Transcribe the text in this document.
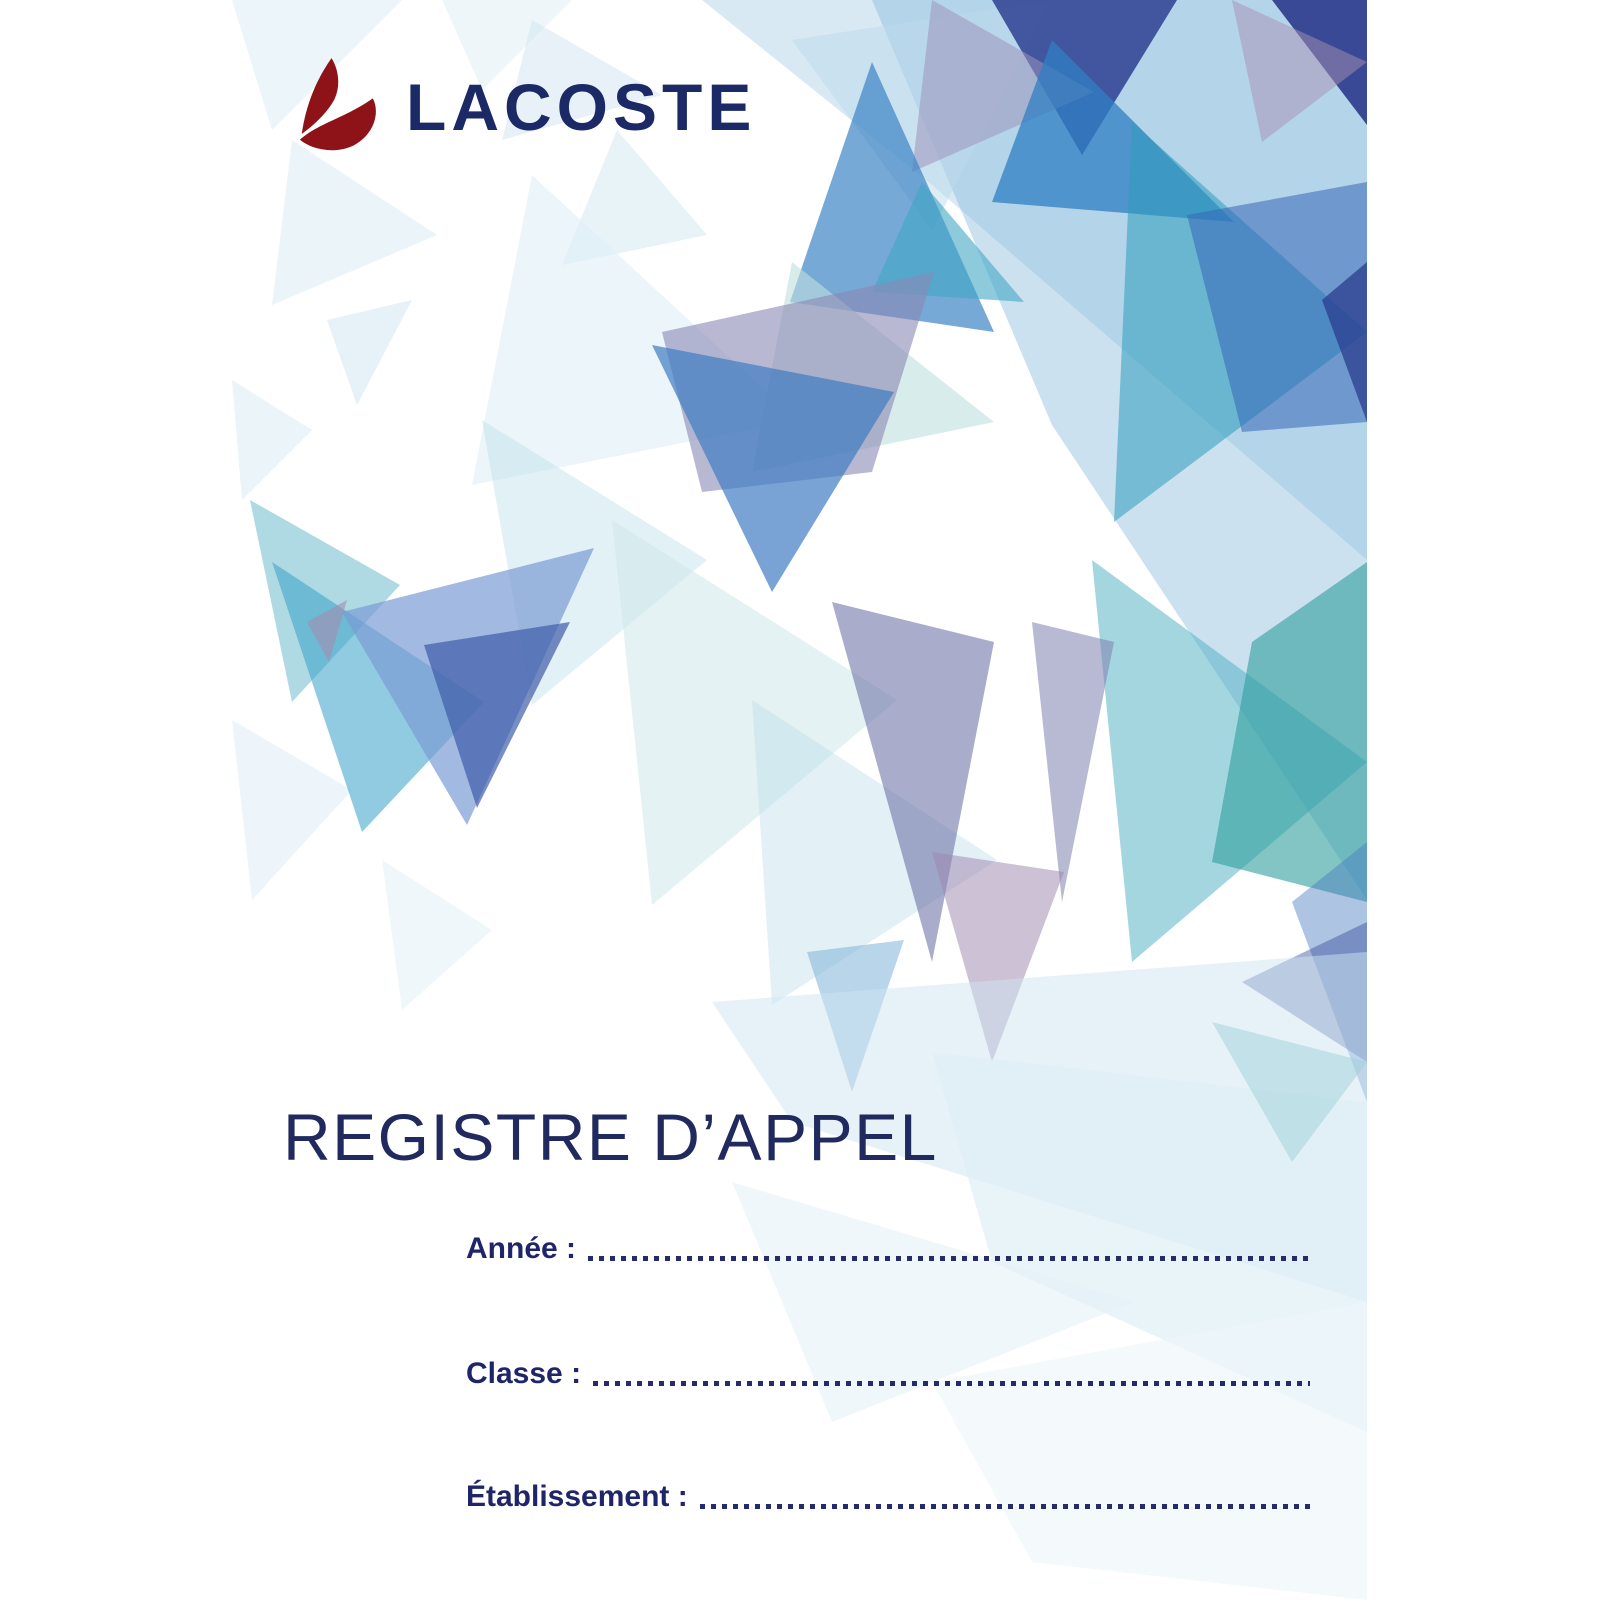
LACOSTE
REGISTRE D’APPEL
Année :
Classe :
Établissement :
